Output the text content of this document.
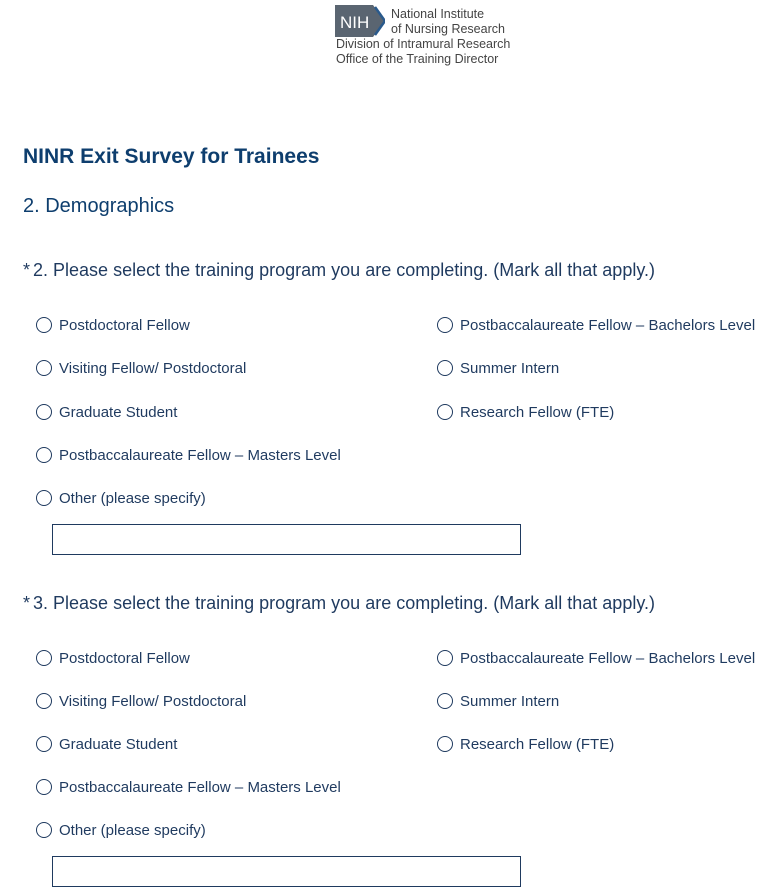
NIH National Institute
of Nursing Research
Division of Intramural Research
Office of the Training Director
NINR Exit Survey for Trainees
2. Demographics
* 2. Please select the training program you are completing. (Mark all that apply.)
Postdoctoral Fellow
Visiting Fellow/ Postdoctoral
Graduate Student
Postbaccalaureate Fellow – Masters Level
Other (please specify)
Postbaccalaureate Fellow – Bachelors Level
Summer Intern
Research Fellow (FTE)
* 3. Please select the training program you are completing. (Mark all that apply.)
Postdoctoral Fellow
Visiting Fellow/ Postdoctoral
Graduate Student
Postbaccalaureate Fellow – Masters Level
Other (please specify)
Postbaccalaureate Fellow – Bachelors Level
Summer Intern
Research Fellow (FTE)
